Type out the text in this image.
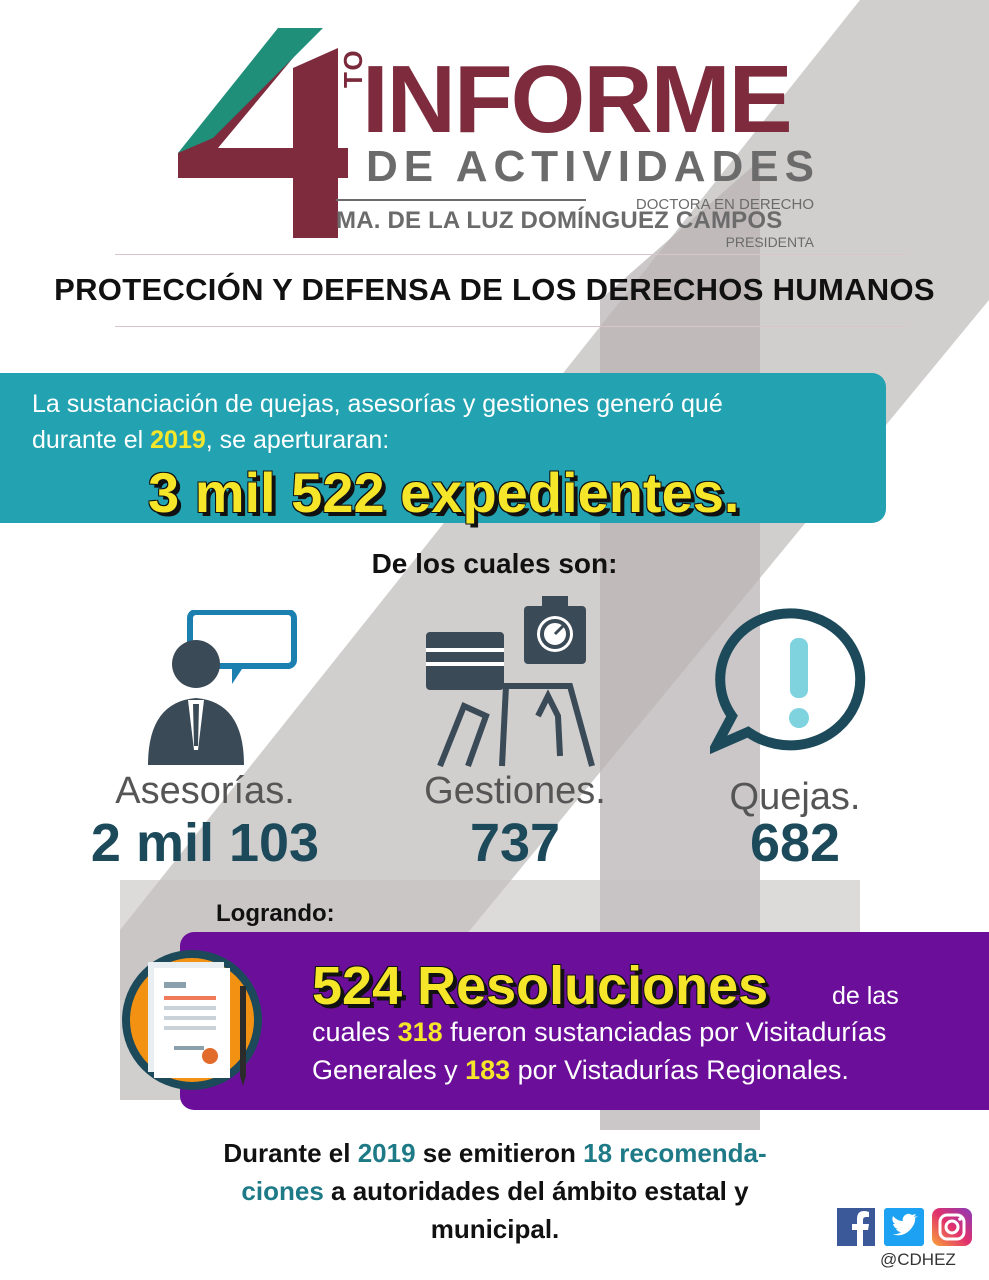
TO
INFORME
DE ACTIVIDADES
DOCTORA EN DERECHO
MA. DE LA LUZ DOMÍNGUEZ CAMPOS
PRESIDENTA
PROTECCIÓN Y DEFENSA DE LOS DERECHOS HUMANOS
La sustanciación de quejas, asesorías y gestiones generó qué
durante el 2019, se aperturaran:
3 mil 522 expedientes.
De los cuales son:
Asesorías.
2 mil 103
Gestiones.
737
Quejas.
682
Lograndо:
524 Resoluciones	de las
cuales 318 fueron sustanciadas por Visitadurías
Generales y 183 por Vistadurías Regionales.
Durante el 2019 se emitieron 18 recomenda-
ciones a autoridades del ámbito estatal y
municipal.
@CDHEZ
